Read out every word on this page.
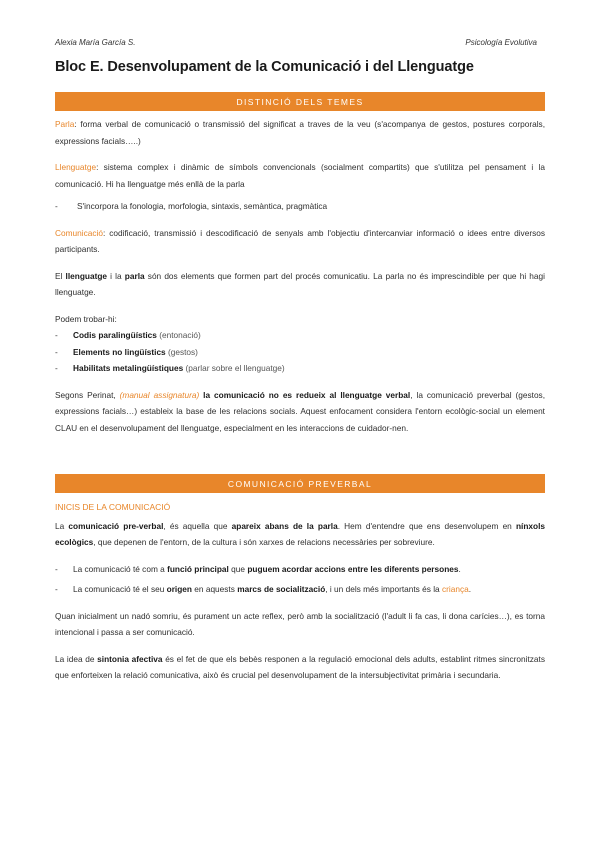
Alexia María García S.	Psicología Evolutiva
Bloc E. Desenvolupament de la Comunicació i del Llenguatge
DISTINCIÓ DELS TEMES

Parla: forma verbal de comunicació o transmissió del significat a traves de la veu (s'acompanya de gestos, postures corporals, expressions facials…..)

Llenguatge: sistema complex i dinàmic de símbols convencionals (socialment compartits) que s'utilitza pel pensament i la comunicació. Hi ha llenguatge més enllà de la parla

- S'incorpora la fonologia, morfologia, sintaxis, semàntica, pragmàtica

Comunicació: codificació, transmissió i descodificació de senyals amb l'objectiu d'intercanviar informació o idees entre diversos participants.

El llenguatge i la parla són dos elements que formen part del procés comunicatiu. La parla no és imprescindible per que hi hagi llenguatge.

Podem trobar-hi:

- Codis paralingüístics (entonació)
- Elements no lingüístics (gestos)
- Habilitats metalingüístiques (parlar sobre el llenguatge)

Segons Perinat, (manual assignatura) la comunicació no es redueix al llenguatge verbal, la comunicació preverbal (gestos, expressions facials…) estableix la base de les relacions socials. Aquest enfocament considera l'entorn ecològic-social un element CLAU en el desenvolupament del llenguatge, especialment en les interaccions de cuidador-nen.

COMUNICACIÓ PREVERBAL
INICIS DE LA COMUNICACIÓ

La comunicació pre-verbal, és aquella que apareix abans de la parla. Hem d'entendre que ens desenvolupem en nínxols ecològics, que depenen de l'entorn, de la cultura i són xarxes de relacions necessàries per sobreviure.

- La comunicació té com a funció principal que puguem acordar accions entre les diferents persones.
- La comunicació té el seu origen en aquests marcs de socialització, i un dels més importants és la criança.

Quan inicialment un nadó somriu, és purament un acte reflex, però amb la socialització (l'adult li fa cas, li dona carícies…), es torna intencional i passa a ser comunicació.

La idea de sintonia afectiva és el fet de que els bebès responen a la regulació emocional dels adults, establint ritmes sincronitzats que enforteixen la relació comunicativa, això és crucial pel desenvolupament de la intersubjectivitat primària i secundaria.
